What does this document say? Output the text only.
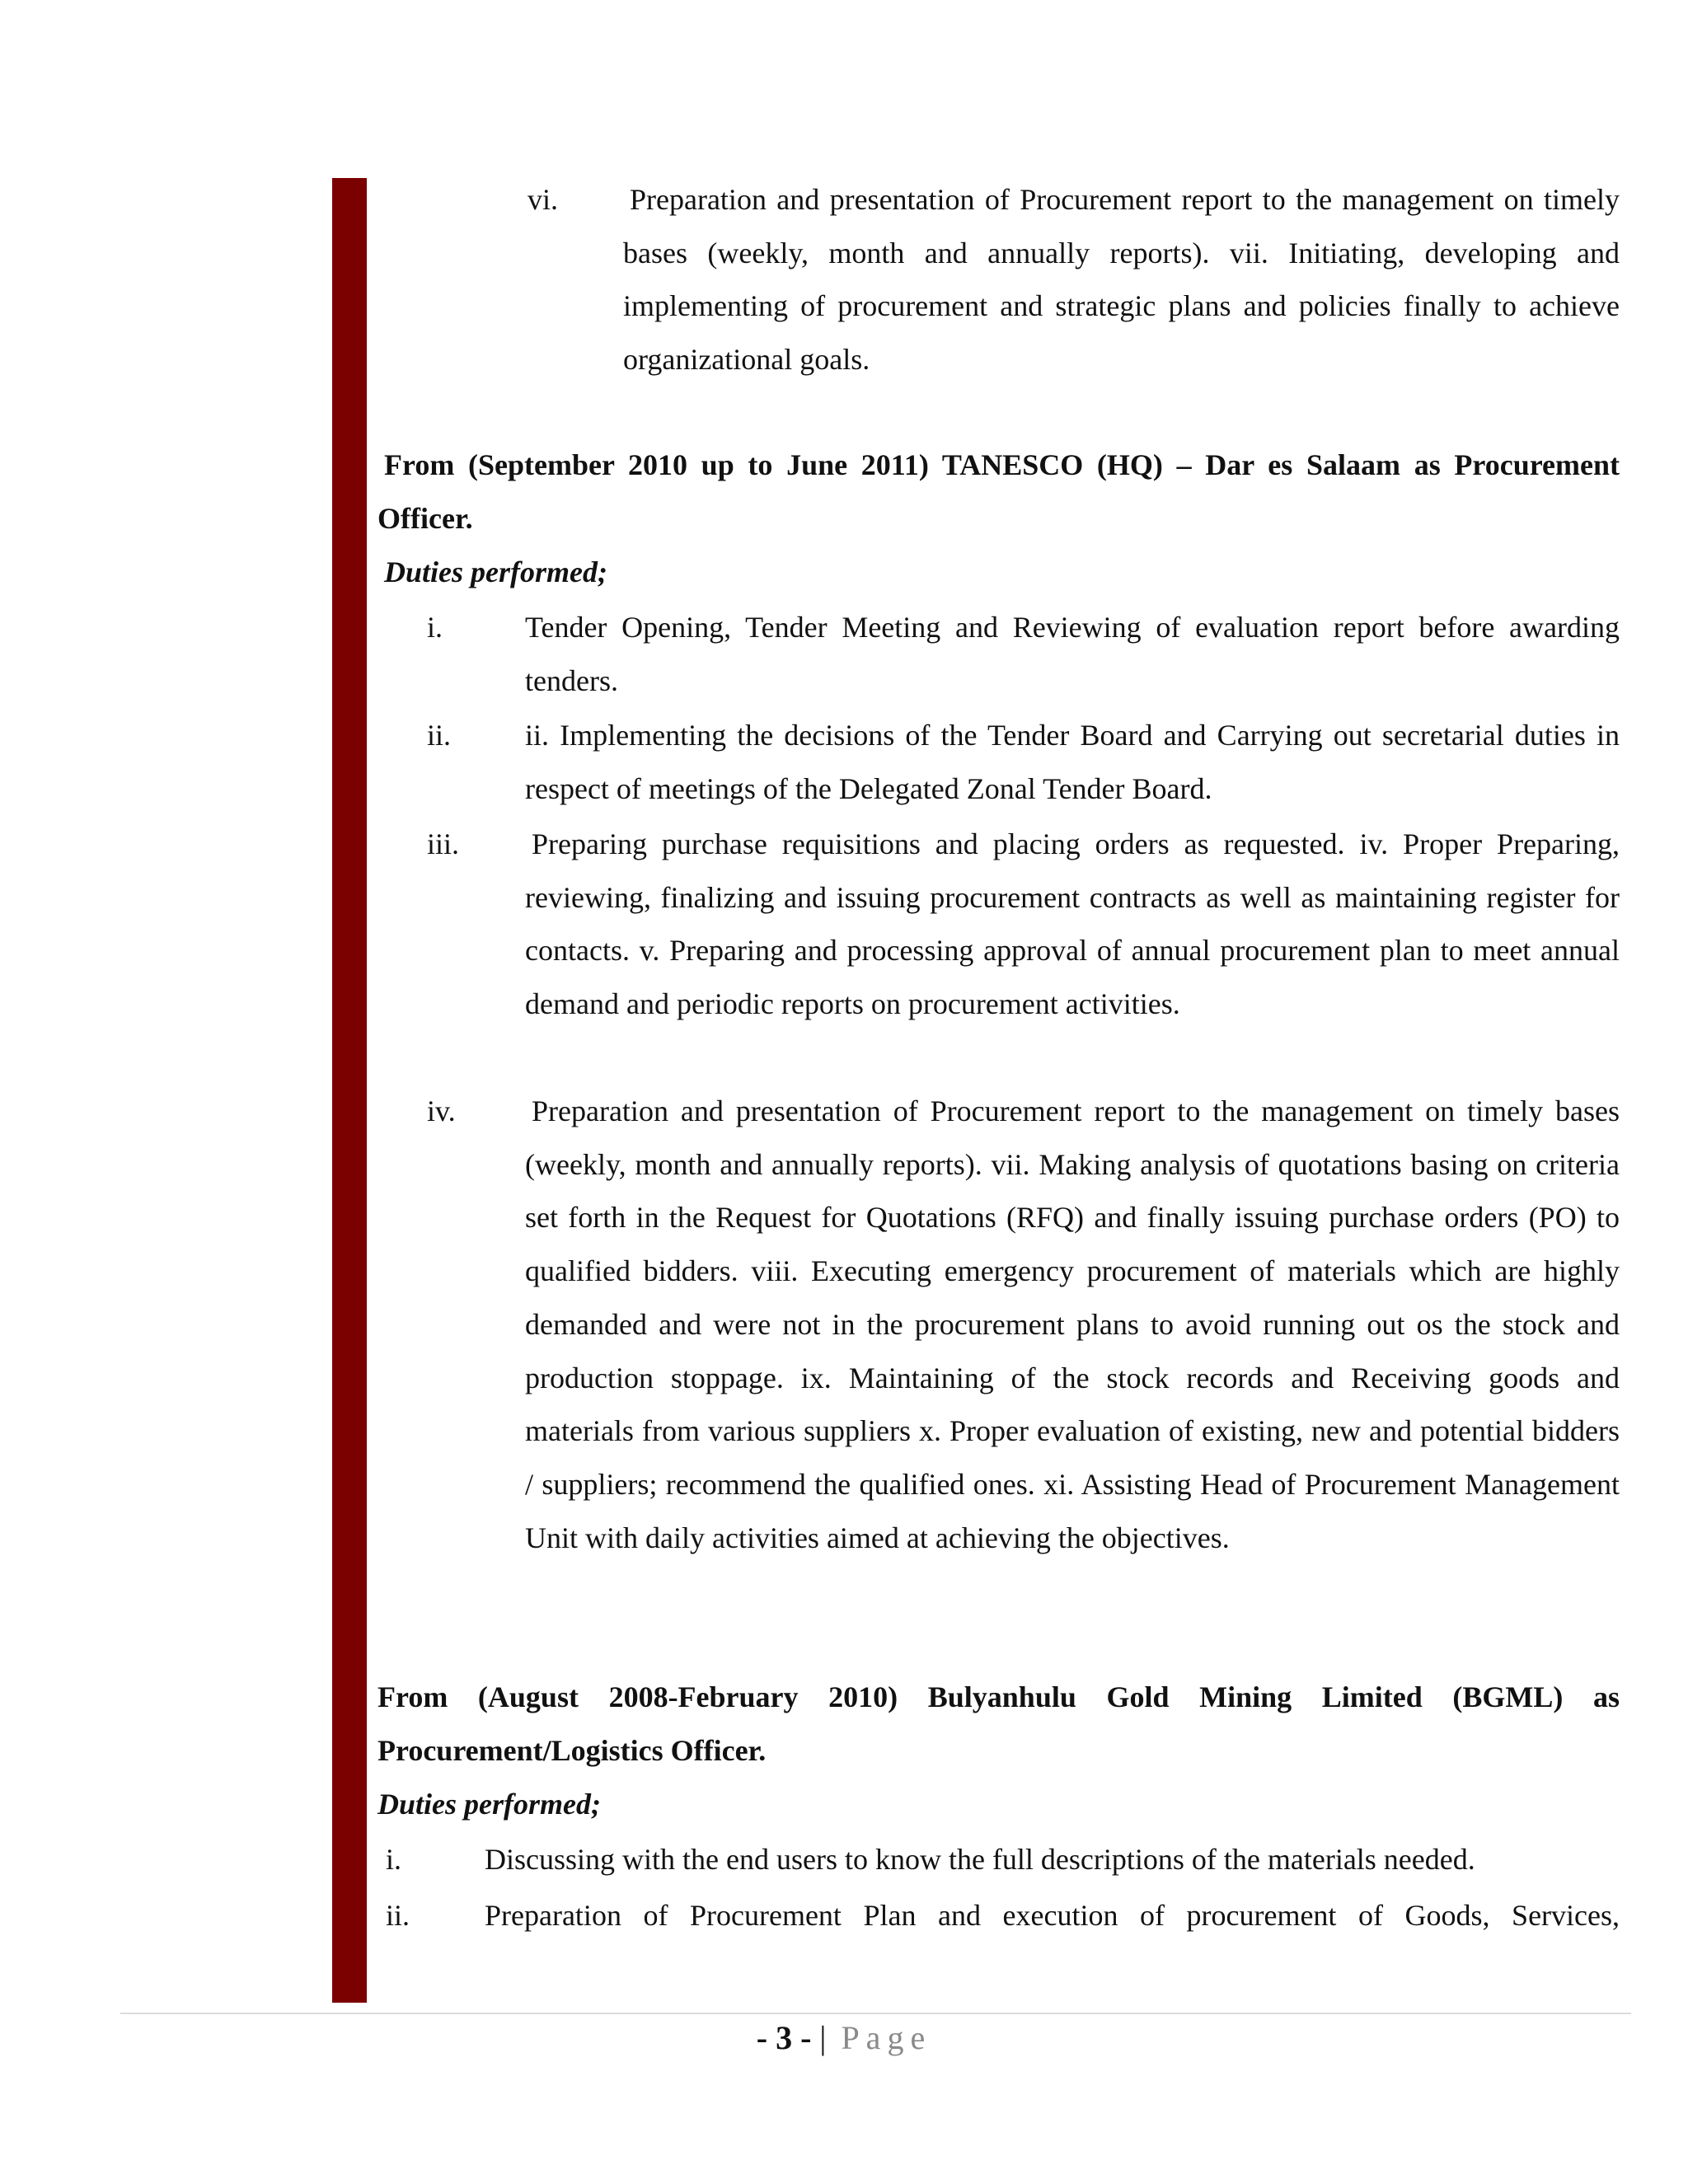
vi. Preparation and presentation of Procurement report to the management on timely bases (weekly, month and annually reports). vii. Initiating, developing and implementing of procurement and strategic plans and policies finally to achieve organizational goals.

From (September 2010 up to June 2011) TANESCO (HQ) – Dar es Salaam as Procurement Officer.

Duties performed;

i.	Tender Opening, Tender Meeting and Reviewing of evaluation report before awarding tenders.

ii. ii. Implementing the decisions of the Tender Board and Carrying out secretarial duties in respect of meetings of the Delegated Zonal Tender Board.

iii. Preparing purchase requisitions and placing orders as requested. iv. Proper Preparing, reviewing, finalizing and issuing procurement contracts as well as maintaining register for contacts. v. Preparing and processing approval of annual procurement plan to meet annual demand and periodic reports on procurement activities.

iv.	Preparation and presentation of Procurement report to the management on timely bases (weekly, month and annually reports). vii. Making analysis of quotations basing on criteria set forth in the Request for Quotations (RFQ) and finally issuing purchase orders (PO) to qualified bidders. viii. Executing emergency procurement of materials which are highly demanded and were not in the procurement plans to avoid running out os the stock and production stoppage. ix. Maintaining of the stock records and Receiving goods and materials from various suppliers x. Proper evaluation of existing, new and potential bidders / suppliers; recommend the qualified ones. xi. Assisting Head of Procurement Management Unit with daily activities aimed at achieving the objectives.

From (August 2008-February 2010) Bulyanhulu Gold Mining Limited (BGML) as Procurement/Logistics Officer.

Duties performed;

i.	Discussing with the end users to know the full descriptions of the materials needed.

ii.	Preparation of Procurement Plan and execution of procurement of Goods, Services,

- 3 - | Page
